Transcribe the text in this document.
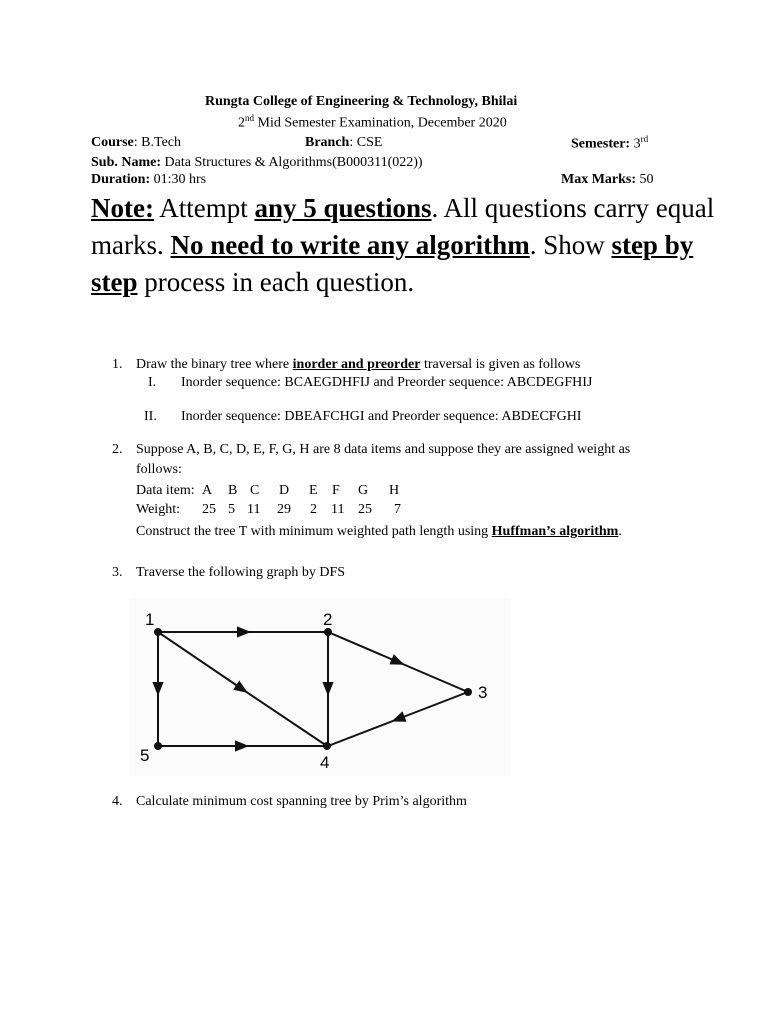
Rungta College of Engineering & Technology, Bhilai
2nd Mid Semester Examination, December 2020
Course: B.Tech	Branch: CSE	Semester: 3rd
Sub. Name: Data Structures & Algorithms(B000311(022))
Duration: 01:30 hrs	Max Marks: 50
Note: Attempt any 5 questions. All questions carry equal marks. No need to write any algorithm. Show step by step process in each question.
1. Draw the binary tree where inorder and preorder traversal is given as follows
I. Inorder sequence: BCAEGDHFIJ and Preorder sequence: ABCDEGFHIJ
II. Inorder sequence: DBEAFCHGI and Preorder sequence: ABDECFGHI
2. Suppose A, B, C, D, E, F, G, H are 8 data items and suppose they are assigned weight as
follows:
Data item: A B C D E F G H
Weight: 25 5 11 29 2 11 25 7
Construct the tree T with minimum weighted path length using Huffman’s algorithm.
3. Traverse the following graph by DFS
1	2
3
4
5
4. Calculate minimum cost spanning tree by Prim’s algorithm
